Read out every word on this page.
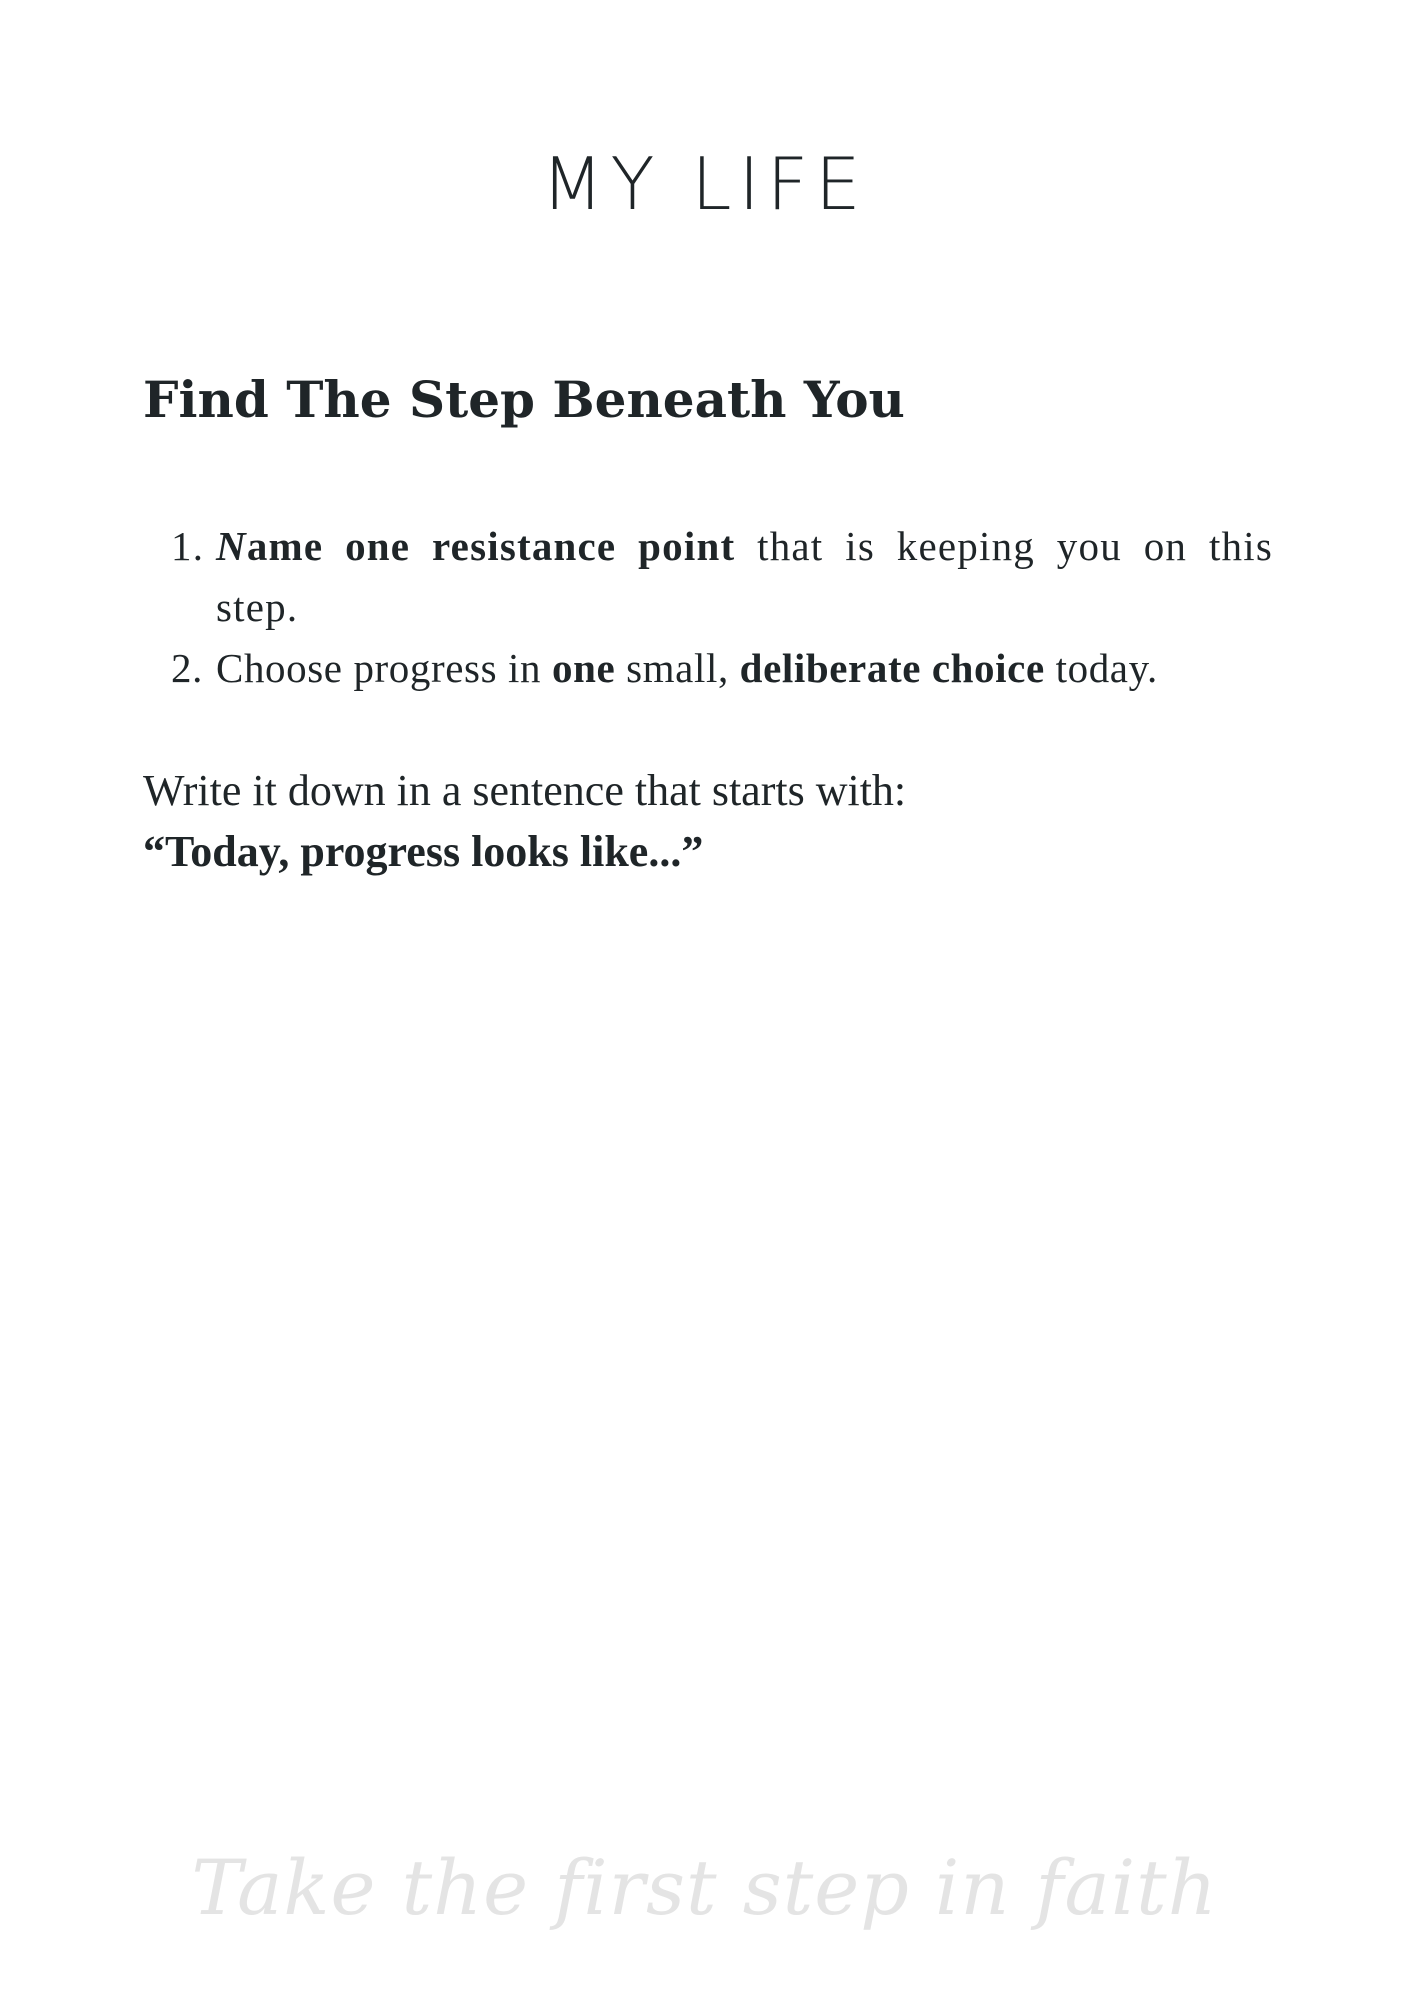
MY LIFE
Find The Step Beneath You
1. Name one resistance point that is keeping you on this step.
2. Choose progress in one small, deliberate choice today.

Write it down in a sentence that starts with:
“Today, progress looks like...”

Take the first step in faith
